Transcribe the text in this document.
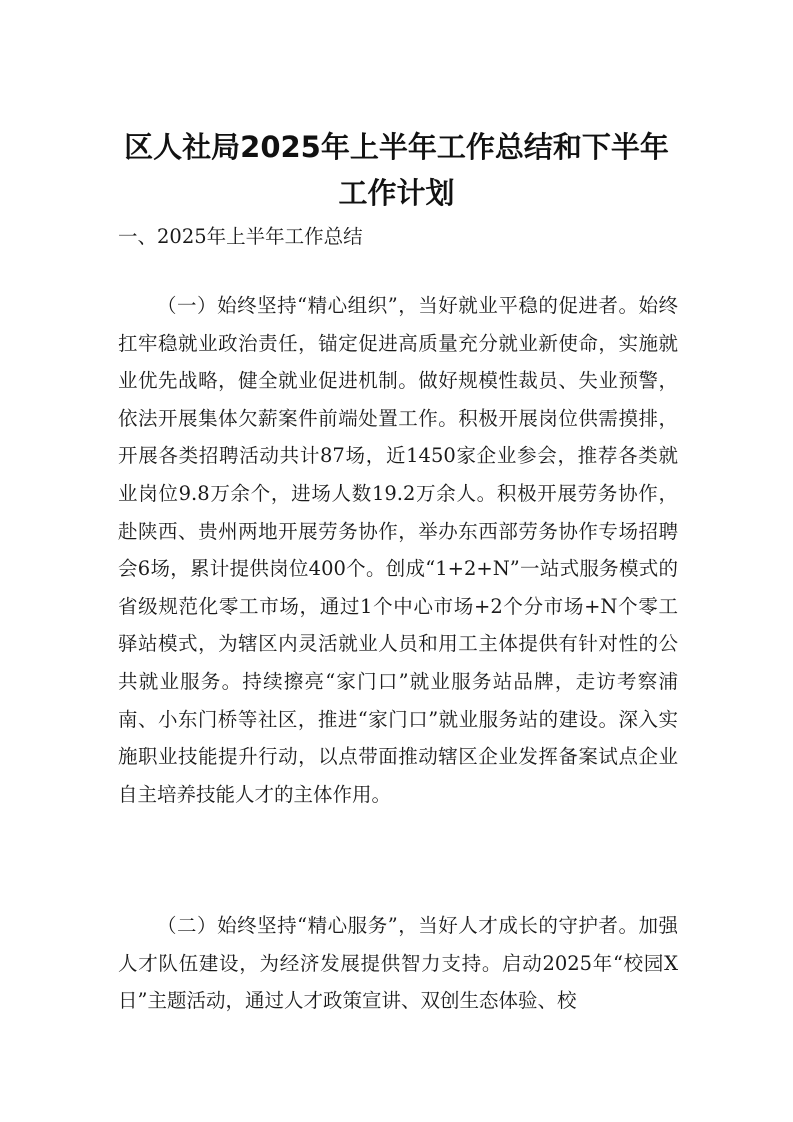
区人社局2025年上半年工作总结和下半年
工作计划

一、2025年上半年工作总结

（一）始终坚持“精心组织”，当好就业平稳的促进者。始终扛牢稳就业政治责任，锚定促进高质量充分就业新使命，实施就业优先战略，健全就业促进机制。做好规模性裁员、失业预警，依法开展集体欠薪案件前端处置工作。积极开展岗位供需摸排，开展各类招聘活动共计87场，近1450家企业参会，推荐各类就业岗位9.8万余个，进场人数19.2万余人。积极开展劳务协作，赴陕西、贵州两地开展劳务协作，举办东西部劳务协作专场招聘会6场，累计提供岗位400个。创成“1+2+N”一站式服务模式的省级规范化零工市场，通过1个中心市场+2个分市场+N个零工驿站模式，为辖区内灵活就业人员和用工主体提供有针对性的公共就业服务。持续擦亮“家门口”就业服务站品牌，走访考察浦南、小东门桥等社区，推进“家门口”就业服务站的建设。深入实施职业技能提升行动，以点带面推动辖区企业发挥备案试点企业自主培养技能人才的主体作用。

（二）始终坚持“精心服务”，当好人才成长的守护者。加强人才队伍建设，为经济发展提供智力支持。启动2025年“校园X日”主题活动，通过人才政策宣讲、双创生态体验、校
